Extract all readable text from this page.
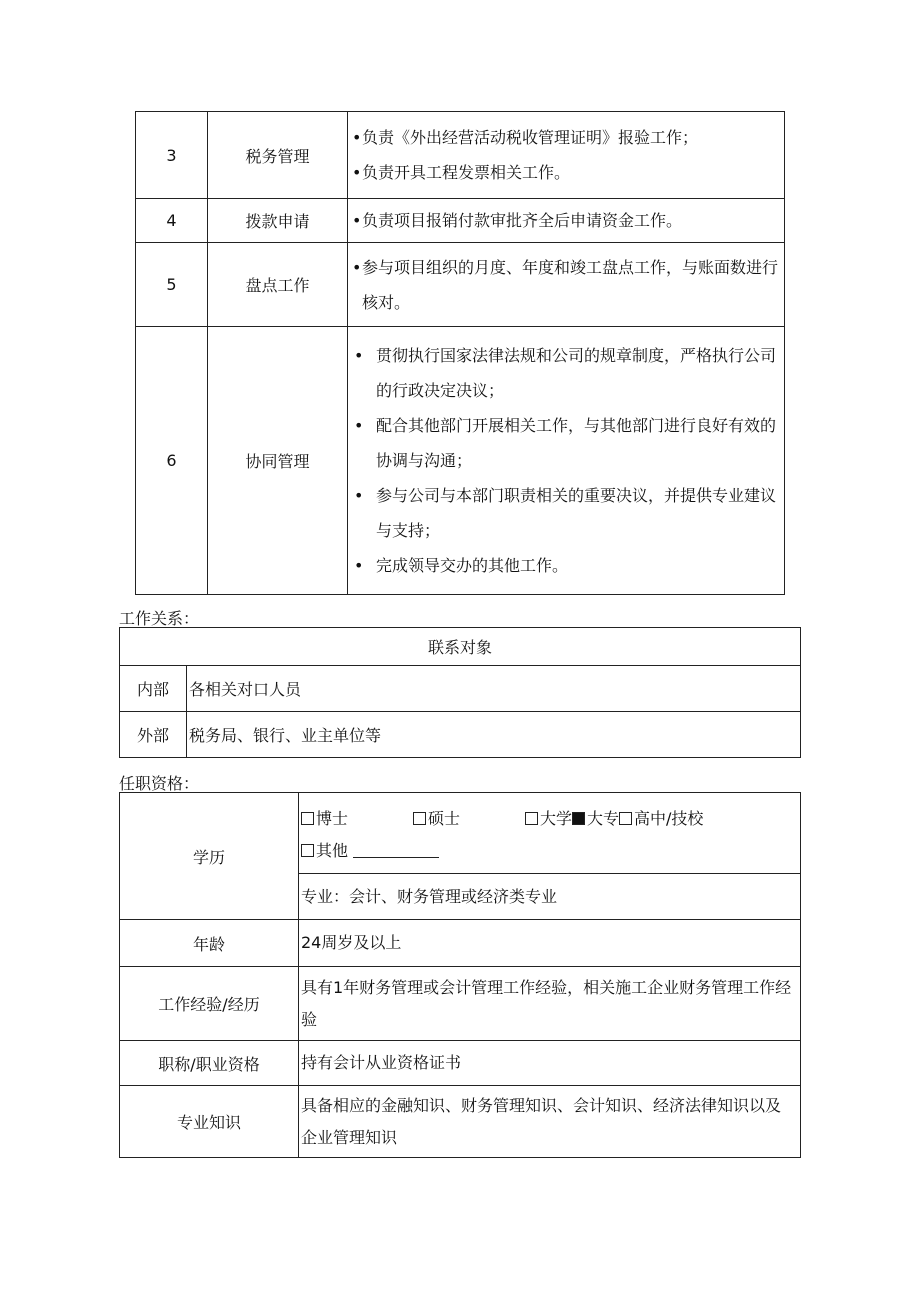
3	税务管理	• 负责《外出经营活动税收管理证明》报验工作；
• 负责开具工程发票相关工作。

4	拨款申请	• 负责项目报销付款审批齐全后申请资金工作。

5	盘点工作	• 参与项目组织的月度、年度和竣工盘点工作，与账面数进行核对。

6	协同管理	• 贯彻执行国家法律法规和公司的规章制度，严格执行公司的行政决定决议；
• 配合其他部门开展相关工作，与其他部门进行良好有效的协调与沟通；
• 参与公司与本部门职责相关的重要决议，并提供专业建议与支持；
• 完成领导交办的其他工作。
工作关系：
联系对象	
内部	各相关对口人员
外部	税务局、银行、业主单位等
任职资格：
学历	博士 硕士 大学 大专 高中/技校
其他
	专业：会计、财务管理或经济类专业
年龄	24周岁及以上
工作经验/经历	具有1年财务管理或会计管理工作经验，相关施工企业财务管理工作经验
职称/职业资格	持有会计从业资格证书
专业知识	具备相应的金融知识、财务管理知识、会计知识、经济法律知识以及企业管理知识
